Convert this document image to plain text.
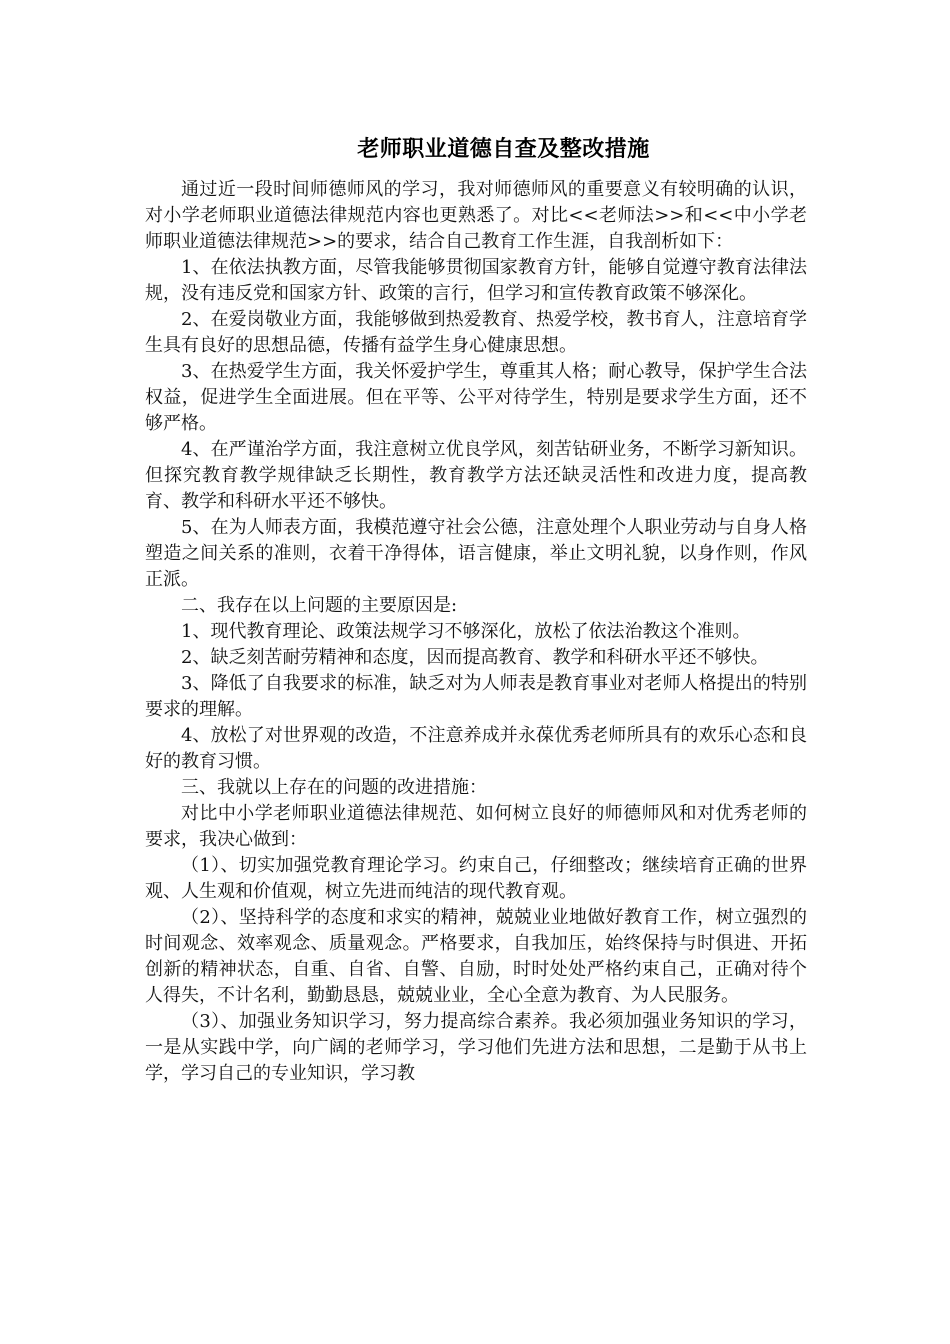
老师职业道德自查及整改措施

通过近一段时间师德师风的学习，我对师德师风的重要意义有较明确的认识，对小学老师职业道德法律规范内容也更熟悉了。对比<<老师法>>和<<中小学老师职业道德法律规范>>的要求，结合自己教育工作生涯，自我剖析如下：

1、在依法执教方面，尽管我能够贯彻国家教育方针，能够自觉遵守教育法律法规，没有违反党和国家方针、政策的言行，但学习和宣传教育政策不够深化。

2、在爱岗敬业方面，我能够做到热爱教育、热爱学校，教书育人，注意培育学生具有良好的思想品德，传播有益学生身心健康思想。

3、在热爱学生方面，我关怀爱护学生，尊重其人格；耐心教导，保护学生合法权益，促进学生全面进展。但在平等、公平对待学生，特别是要求学生方面，还不够严格。

4、在严谨治学方面，我注意树立优良学风，刻苦钻研业务，不断学习新知识。但探究教育教学规律缺乏长期性，教育教学方法还缺灵活性和改进力度，提高教育、教学和科研水平还不够快。

5、在为人师表方面，我模范遵守社会公德，注意处理个人职业劳动与自身人格塑造之间关系的准则，衣着干净得体，语言健康，举止文明礼貌，以身作则，作风正派。

二、我存在以上问题的主要原因是:

1、现代教育理论、政策法规学习不够深化，放松了依法治教这个准则。

2、缺乏刻苦耐劳精神和态度，因而提高教育、教学和科研水平还不够快。

3、降低了自我要求的标准，缺乏对为人师表是教育事业对老师人格提出的特别要求的理解。

4、放松了对世界观的改造，不注意养成并永葆优秀老师所具有的欢乐心态和良好的教育习惯。

三、我就以上存在的问题的改进措施：

对比中小学老师职业道德法律规范、如何树立良好的师德师风和对优秀老师的要求，我决心做到：

（1）、切实加强党教育理论学习。约束自己，仔细整改；继续培育正确的世界观、人生观和价值观，树立先进而纯洁的现代教育观。

（2）、坚持科学的态度和求实的精神，兢兢业业地做好教育工作，树立强烈的时间观念、效率观念、质量观念。严格要求，自我加压，始终保持与时俱进、开拓创新的精神状态，自重、自省、自警、自励，时时处处严格约束自己，正确对待个人得失，不计名利，勤勤恳恳，兢兢业业，全心全意为教育、为人民服务。

（3）、加强业务知识学习，努力提高综合素养。我必须加强业务知识的学习，一是从实践中学，向广阔的老师学习，学习他们先进方法和思想，二是勤于从书上学，学习自己的专业知识，学习教
